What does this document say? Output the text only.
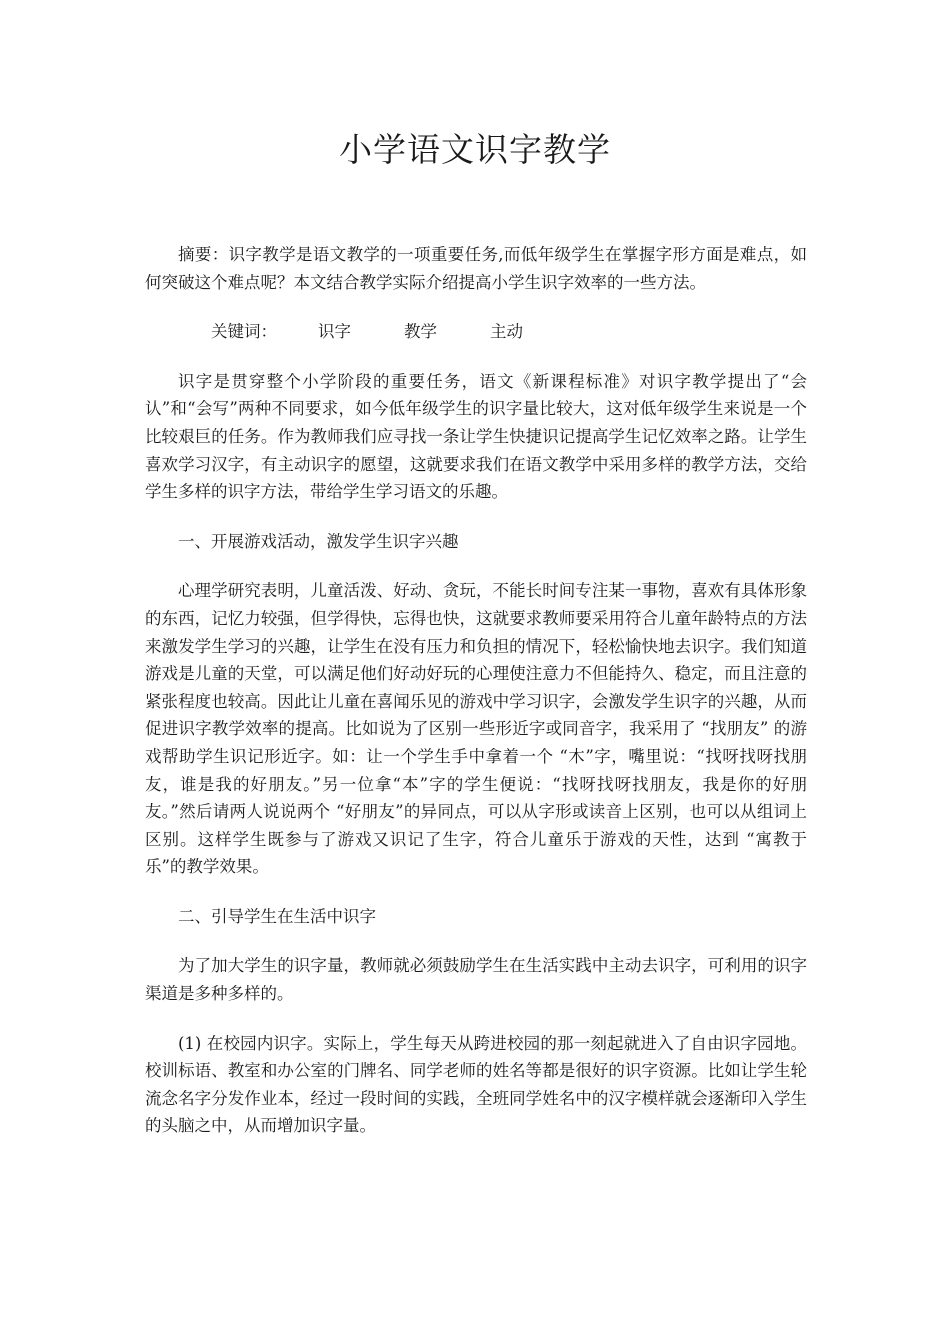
小学语文识字教学

摘要：识字教学是语文教学的一项重要任务,而低年级学生在掌握字形方面是难点，如何突破这个难点呢？本文结合教学实际介绍提高小学生识字效率的一些方法。

关键词： 识字	教学	主动

识字是贯穿整个小学阶段的重要任务，语文《新课程标准》对识字教学提出了“会认”和“会写”两种不同要求，如今低年级学生的识字量比较大，这对低年级学生来说是一个比较艰巨的任务。作为教师我们应寻找一条让学生快捷识记提高学生记忆效率之路。让学生喜欢学习汉字，有主动识字的愿望，这就要求我们在语文教学中采用多样的教学方法，交给学生多样的识字方法，带给学生学习语文的乐趣。

一、开展游戏活动，激发学生识字兴趣

心理学研究表明，儿童活泼、好动、贪玩，不能长时间专注某一事物，喜欢有具体形象的东西，记忆力较强，但学得快，忘得也快，这就要求教师要采用符合儿童年龄特点的方法来激发学生学习的兴趣，让学生在没有压力和负担的情况下，轻松愉快地去识字。我们知道游戏是儿童的天堂，可以满足他们好动好玩的心理使注意力不但能持久、稳定，而且注意的紧张程度也较高。因此让儿童在喜闻乐见的游戏中学习识字，会激发学生识字的兴趣，从而促进识字教学效率的提高。比如说为了区别一些形近字或同音字，我采用了 “找朋友” 的游戏帮助学生识记形近字。如：让一个学生手中拿着一个 “木”字，嘴里说：“找呀找呀找朋友，谁是我的好朋友。”另一位拿“本”字的学生便说：“找呀找呀找朋友，我是你的好朋友。”然后请两人说说两个 “好朋友”的异同点，可以从字形或读音上区别，也可以从组词上区别。这样学生既参与了游戏又识记了生字，符合儿童乐于游戏的天性，达到 “寓教于乐”的教学效果。

二、引导学生在生活中识字

为了加大学生的识字量，教师就必须鼓励学生在生活实践中主动去识字，可利用的识字渠道是多种多样的。

(1) 在校园内识字。实际上，学生每天从跨进校园的那一刻起就进入了自由识字园地。校训标语、教室和办公室的门牌名、同学老师的姓名等都是很好的识字资源。比如让学生轮流念名字分发作业本，经过一段时间的实践，全班同学姓名中的汉字模样就会逐渐印入学生的头脑之中，从而增加识字量。
